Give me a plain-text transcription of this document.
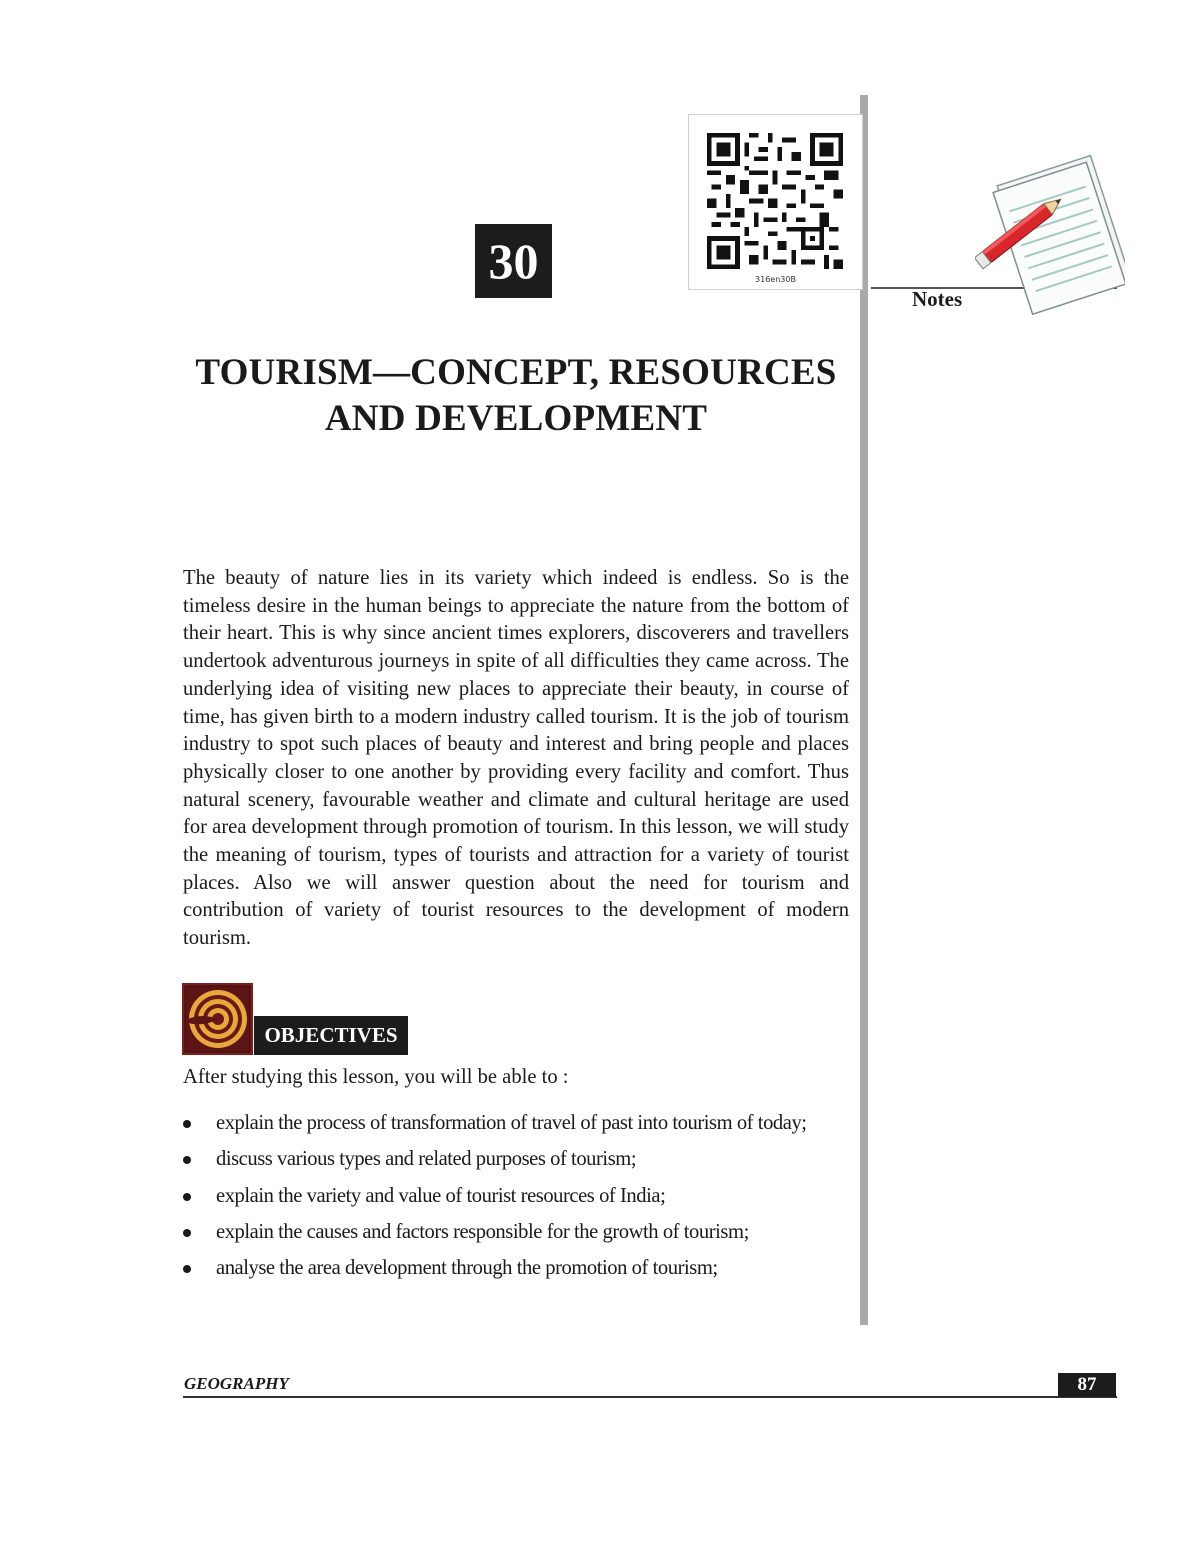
316en30B
30
Notes
TOURISM—CONCEPT, RESOURCES
AND DEVELOPMENT

The beauty of nature lies in its variety which indeed is endless. So is the timeless desire in the human beings to appreciate the nature from the bottom of their heart. This is why since ancient times explorers, discoverers and travellers undertook adventurous journeys in spite of all difficulties they came across. The underlying idea of visiting new places to appreciate their beauty, in course of time, has given birth to a modern industry called tourism. It is the job of tourism industry to spot such places of beauty and interest and bring people and places physically closer to one another by providing every facility and comfort. Thus natural scenery, favourable weather and climate and cultural heritage are used for area development through promotion of tourism. In this lesson, we will study the meaning of tourism, types of tourists and attraction for a variety of tourist places. Also we will answer question about the need for tourism and contribution of variety of tourist resources to the development of modern tourism.

OBJECTIVES
After studying this lesson, you will be able to :
explain the process of transformation of travel of past into tourism of today;
discuss various types and related purposes of tourism;
explain the variety and value of tourist resources of India;
explain the causes and factors responsible for the growth of tourism;
analyse the area development through the promotion of tourism;
GEOGRAPHY	87
